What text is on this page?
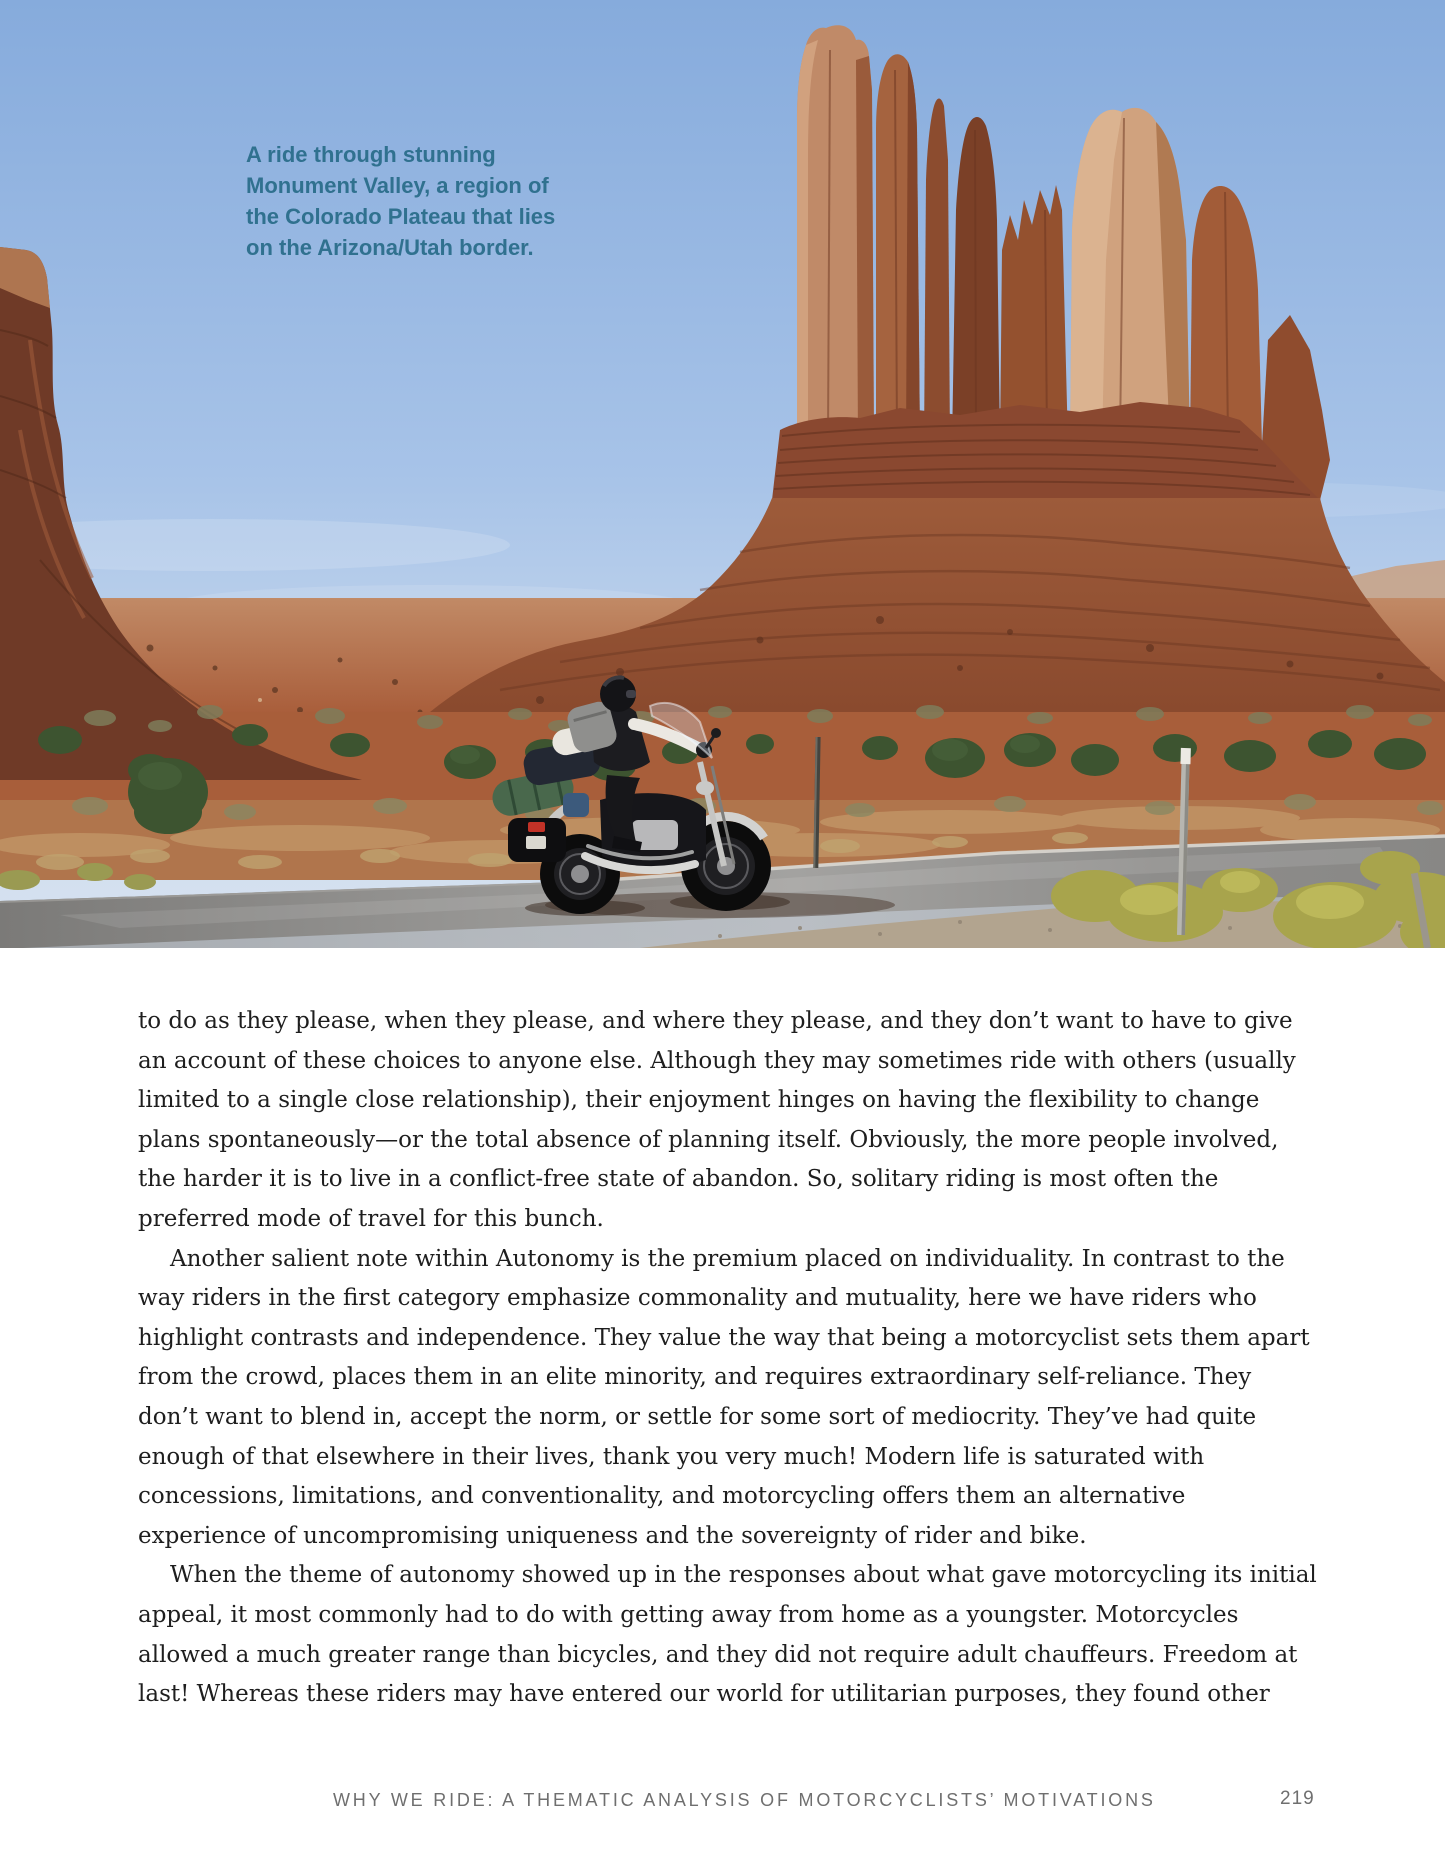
A ride through stunning
Monument Valley, a region of
the Colorado Plateau that lies
on the Arizona/Utah border.

to do as they please, when they please, and where they please, and they don’t want to have to give an account of these choices to anyone else. Although they may sometimes ride with others (usually limited to a single close relationship), their enjoyment hinges on having the flexibility to change plans spontaneously—or the total absence of planning itself. Obviously, the more people involved, the harder it is to live in a conflict-free state of abandon. So, solitary riding is most often the preferred mode of travel for this bunch.

Another salient note within Autonomy is the premium placed on individuality. In contrast to the way riders in the first category emphasize commonality and mutuality, here we have riders who highlight contrasts and independence. They value the way that being a motorcyclist sets them apart from the crowd, places them in an elite minority, and requires extraordinary self-reliance. They don’t want to blend in, accept the norm, or settle for some sort of mediocrity. They’ve had quite enough of that elsewhere in their lives, thank you very much! Modern life is saturated with concessions, limitations, and conventionality, and motorcycling offers them an alternative experience of uncompromising uniqueness and the sovereignty of rider and bike.

When the theme of autonomy showed up in the responses about what gave motorcycling its initial appeal, it most commonly had to do with getting away from home as a youngster. Motorcycles allowed a much greater range than bicycles, and they did not require adult chauffeurs. Freedom at last! Whereas these riders may have entered our world for utilitarian purposes, they found other

WHY WE RIDE: A THEMATIC ANALYSIS OF MOTORCYCLISTS’ MOTIVATIONS	219
